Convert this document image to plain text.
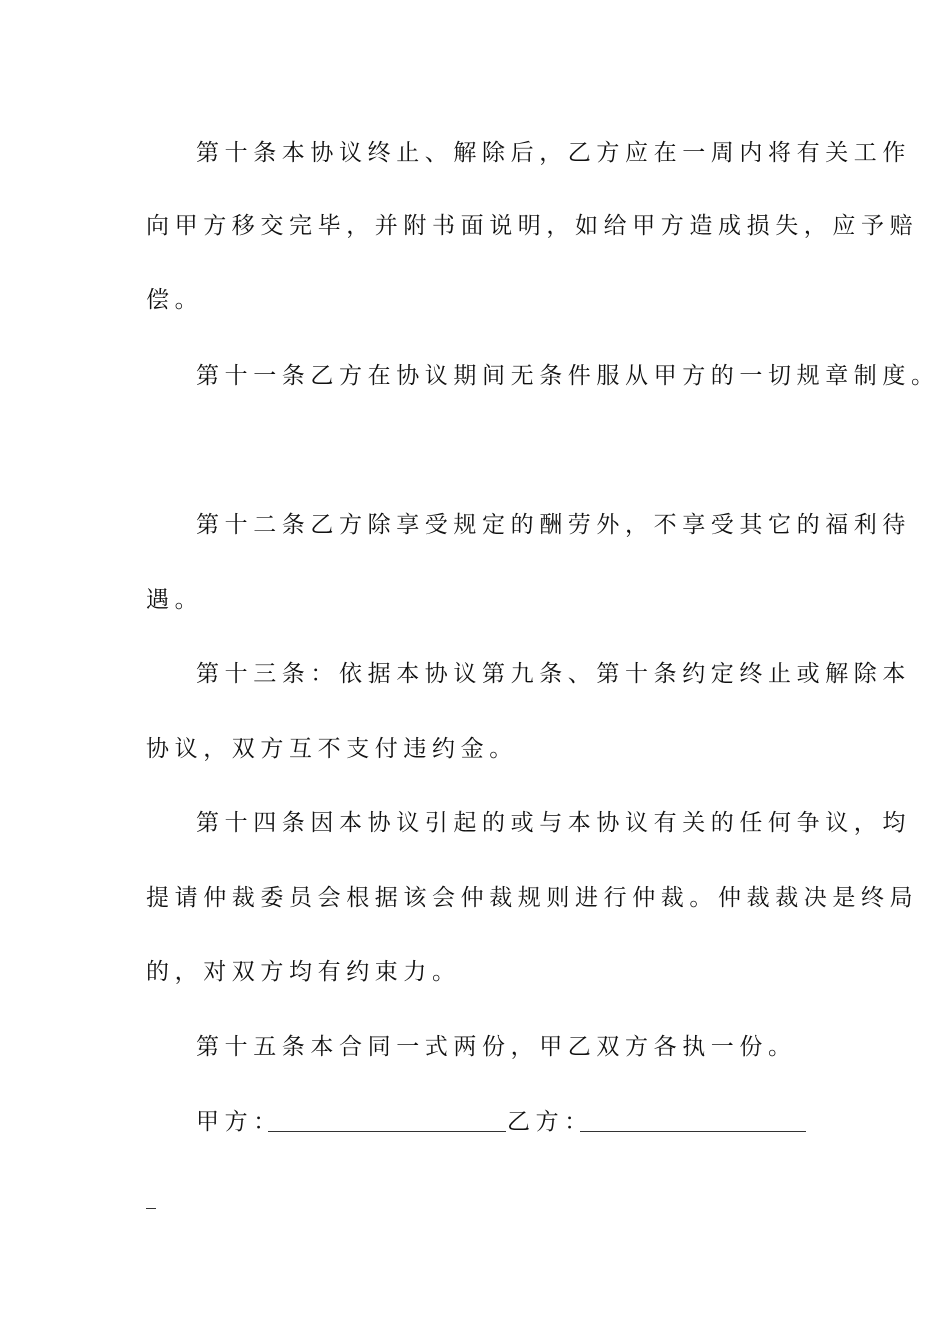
第十条本协议终止、解除后，乙方应在一周内将有关工作
向甲方移交完毕，并附书面说明，如给甲方造成损失，应予赔
偿。
第十一条乙方在协议期间无条件服从甲方的一切规章制度。
第十二条乙方除享受规定的酬劳外，不享受其它的福利待
遇。
第十三条：依据本协议第九条、第十条约定终止或解除本
协议，双方互不支付违约金。
第十四条因本协议引起的或与本协议有关的任何争议，均
提请仲裁委员会根据该会仲裁规则进行仲裁。仲裁裁决是终局
的，对双方均有约束力。
第十五条本合同一式两份，甲乙双方各执一份。
甲方：	乙方：
